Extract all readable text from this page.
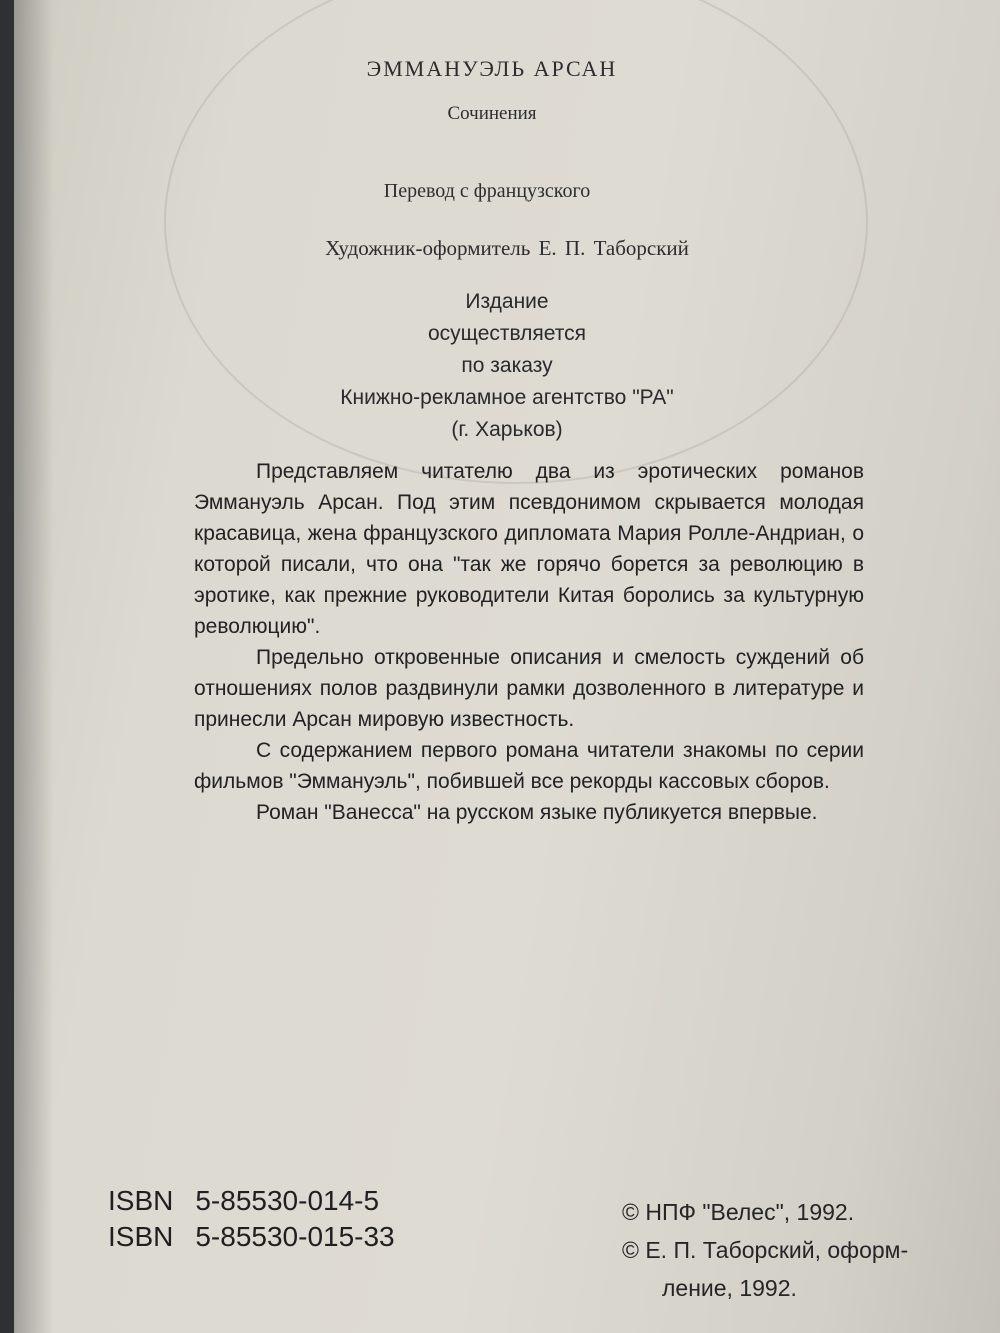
ЭММАНУЭЛЬ АРСАН
Сочинения
Перевод с французского
Художник-оформитель Е. П. Таборский
Издание
осуществляется
по заказу
Книжно-рекламное агентство "РА"
(г. Харьков)

Представляем читателю два из эротических романов Эммануэль Арсан. Под этим псевдонимом скрывается молодая красавица, жена французского дипломата Мария Ролле-Андриан, о которой писали, что она "так же горячо борется за революцию в эротике, как прежние руководители Китая боролись за культурную революцию".

Предельно откровенные описания и смелость суждений об отношениях полов раздвинули рамки дозволенного в литературе и принесли Арсан мировую известность.

С содержанием первого романа читатели знакомы по серии фильмов "Эммануэль", побившей все рекорды кассовых сборов.

Роман "Ванесса" на русском языке публикуется впервые.

ISBN 5-85530-014-5
ISBN 5-85530-015-33
© НПФ "Велес", 1992.
© Е. П. Таборский, оформ-
ление, 1992.
